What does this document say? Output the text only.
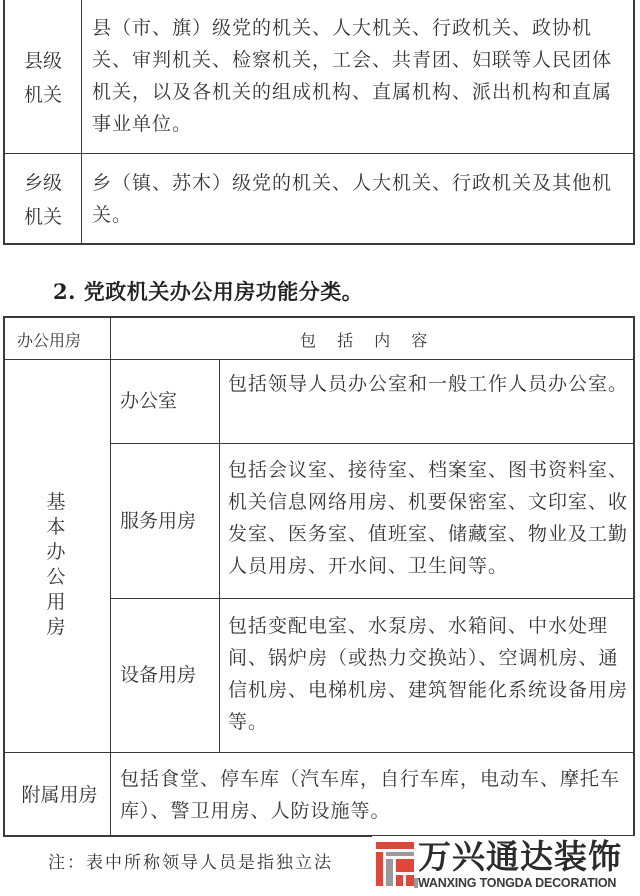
县级机关
县（市、旗）级党的机关、人大机关、行政机关、政协机关、审判机关、检察机关，工会、共青团、妇联等人民团体机关，以及各机关的组成机构、直属机构、派出机构和直属事业单位。
乡级机关
乡（镇、苏木）级党的机关、人大机关、行政机关及其他机关。
2. 党政机关办公用房功能分类。
办公用房	包 括 内 容
基本办公用房
办公室
包括领导人员办公室和一般工作人员办公室。
服务用房
包括会议室、接待室、档案室、图书资料室、机关信息网络用房、机要保密室、文印室、收发室、医务室、值班室、储藏室、物业及工勤人员用房、开水间、卫生间等。
设备用房
包括变配电室、水泵房、水箱间、中水处理间、锅炉房（或热力交换站）、空调机房、通信机房、电梯机房、建筑智能化系统设备用房等。
附属用房
包括食堂、停车库（汽车库，自行车库，电动车、摩托车库）、警卫用房、人防设施等。
注：表中所称领导人员是指独立法	万兴通达装饰
WANXING TONGDA DECORATION
